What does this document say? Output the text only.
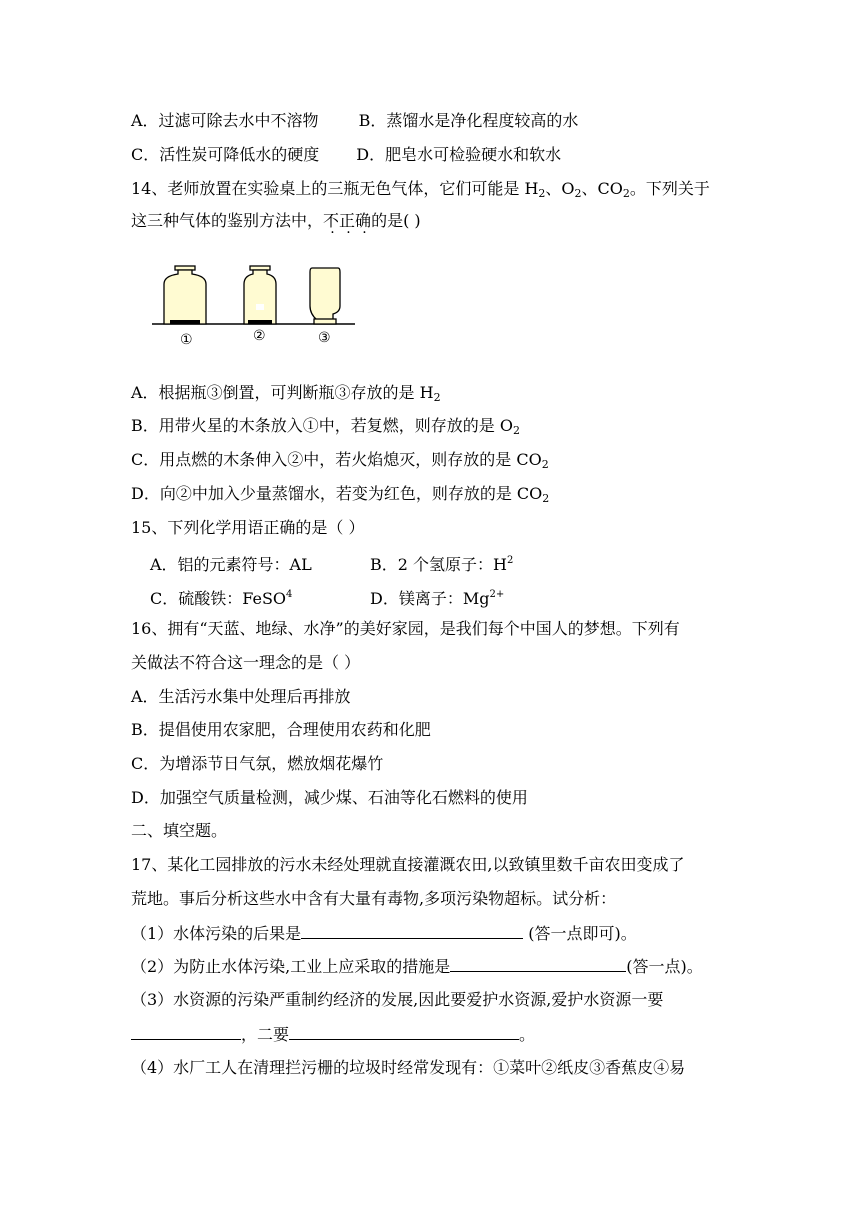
A．过滤可除去水中不溶物	B．蒸馏水是净化程度较高的水
C．活性炭可降低水的硬度 D．肥皂水可检验硬水和软水
14、老师放置在实验桌上的三瓶无色气体，它们可能是 $H_2$、$O_2$、$CO_2$。下列关于
这三种气体的鉴别方法中，不正确的是( )
①	②	③
A．根据瓶③倒置，可判断瓶③存放的是 $H_2$
B．用带火星的木条放入①中，若复燃，则存放的是 $O_2$
C．用点燃的木条伸入②中，若火焰熄灭，则存放的是 $CO_2$
D．向②中加入少量蒸馏水，若变为红色，则存放的是 $CO_2$
15、下列化学用语正确的是（ ）
A．铝的元素符号：AL	B．2 个氢原子：$H^2$
C．硫酸铁：FeSO$^4$	D．镁离子：$Mg^{2+}$
16、拥有“天蓝、地绿、水净”的美好家园，是我们每个中国人的梦想。下列有
关做法不符合这一理念的是（ ）
A．生活污水集中处理后再排放
B．提倡使用农家肥，合理使用农药和化肥
C．为增添节日气氛，燃放烟花爆竹
D．加强空气质量检测，减少煤、石油等化石燃料的使用
二、填空题。
17、某化工园排放的污水未经处理就直接灌溉农田,以致镇里数千亩农田变成了
荒地。事后分析这些水中含有大量有毒物,多项污染物超标。试分析：
（1）水体污染的后果是	(答一点即可)。
（2）为防止水体污染,工业上应采取的措施是	(答一点)。
（3）水资源的污染严重制约经济的发展,因此要爱护水资源,爱护水资源一要
，二要	。
（4）水厂工人在清理拦污栅的垃圾时经常发现有：①菜叶②纸皮③香蕉皮④易
